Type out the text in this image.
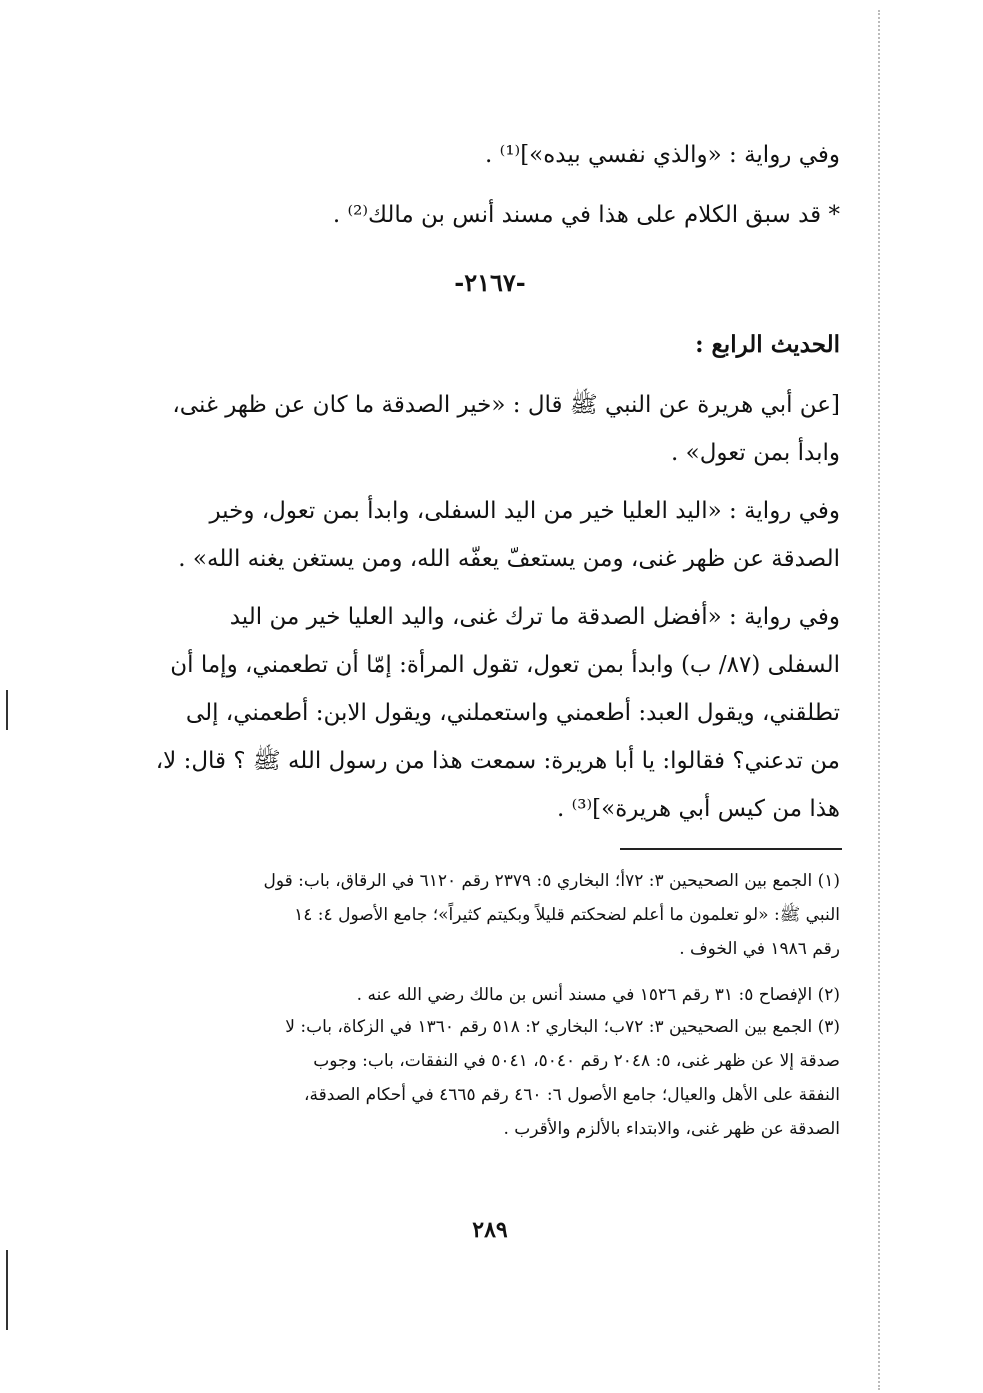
وفي رواية : «والذي نفسي بيده»]⁽¹⁾ .
* قد سبق الكلام على هذا في مسند أنس بن مالك⁽²⁾ .
-٢١٦٧-
الحديث الرابع :
[عن أبي هريرة عن النبي ﷺ قال : «خير الصدقة ما كان عن ظهر غنى،
وابدأ بمن تعول» .
وفي رواية : «اليد العليا خير من اليد السفلى، وابدأ بمن تعول، وخير
الصدقة عن ظهر غنى، ومن يستعفّ يعفّه الله، ومن يستغن يغنه الله» .
وفي رواية : «أفضل الصدقة ما ترك غنى، واليد العليا خير من اليد
السفلى (٨٧/ ب) وابدأ بمن تعول، تقول المرأة: إمّا أن تطعمني، وإما أن
تطلقني، ويقول العبد: أطعمني واستعملني، ويقول الابن: أطعمني، إلى
من تدعني؟ فقالوا: يا أبا هريرة: سمعت هذا من رسول الله ﷺ ؟ قال: لا،
هذا من كيس أبي هريرة»]⁽³⁾ .
(١) الجمع بين الصحيحين ٣: ٧٢أ؛ البخاري ٥: ٢٣٧٩ رقم ٦١٢٠ في الرقاق، باب: قول
النبي ﷺ: «لو تعلمون ما أعلم لضحكتم قليلاً وبكيتم كثيراً»؛ جامع الأصول ٤: ١٤
رقم ١٩٨٦ في الخوف .
(٢) الإفصاح ٥: ٣١ رقم ١٥٢٦ في مسند أنس بن مالك رضي الله عنه .
(٣) الجمع بين الصحيحين ٣: ٧٢ب؛ البخاري ٢: ٥١٨ رقم ١٣٦٠ في الزكاة، باب: لا
صدقة إلا عن ظهر غنى، ٥: ٢٠٤٨ رقم ٥٠٤٠، ٥٠٤١ في النفقات، باب: وجوب
النفقة على الأهل والعيال؛ جامع الأصول ٦: ٤٦٠ رقم ٤٦٦٥ في أحكام الصدقة،
الصدقة عن ظهر غنى، والابتداء بالألزم والأقرب .
٢٨٩
